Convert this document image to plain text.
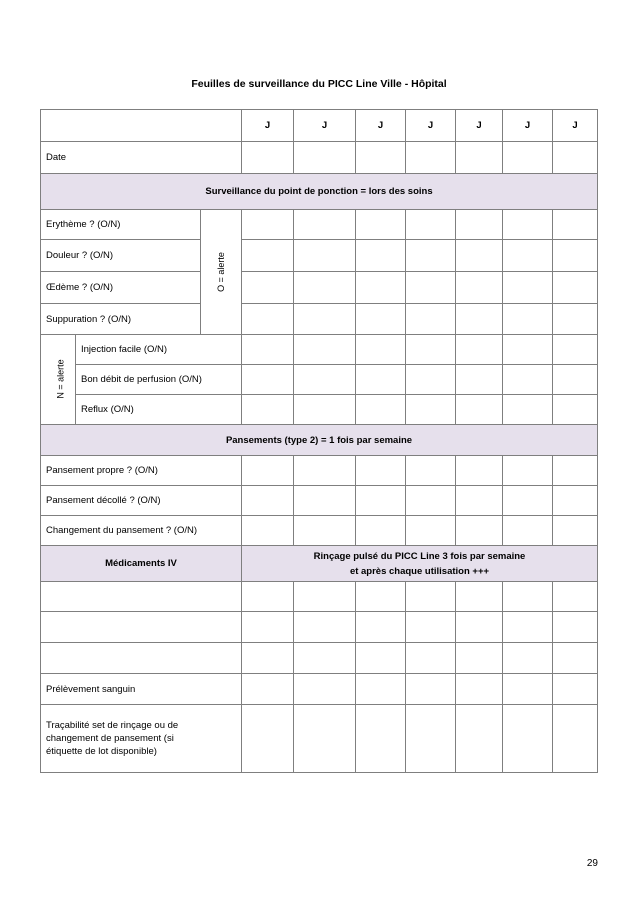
Feuilles de surveillance du PICC Line Ville - Hôpital
			J	J	J	J	J	J	J
Date									
Surveillance du point de ponction = lors des soins									
Erythème ? (O/N)		O = alerte							
Douleur ? (O/N)									
Œdème ? (O/N)									
Suppuration ? (O/N)									
N = alerte	Injection facile (O/N)								
	Bon débit de perfusion (O/N)								
	Reflux (O/N)								
Pansements (type 2) = 1 fois par semaine									
Pansement propre ? (O/N)									
Pansement décollé ? (O/N)									
Changement du pansement ? (O/N)									
Médicaments IV			Rinçage pulsé du PICC Line 3 fois par semaine
et après chaque utilisation +++						

Prélèvement sanguin									

Traçabilité set de rinçage ou de
changement de pansement (si
étiquette de lot disponible)									

29
